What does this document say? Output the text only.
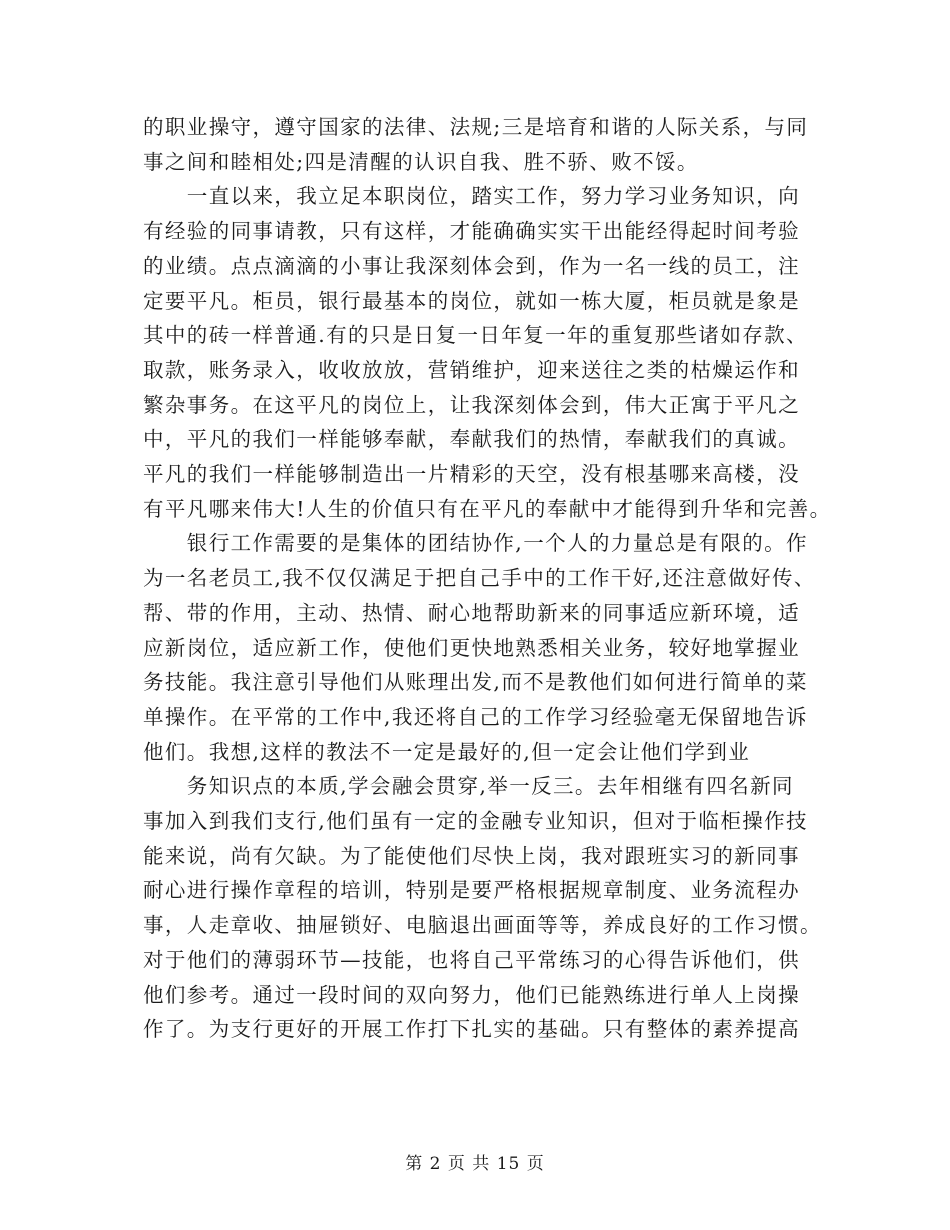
的职业操守，遵守国家的法律、法规;三是培育和谐的人际关系，与同
事之间和睦相处;四是清醒的认识自我、胜不骄、败不馁。
　　一直以来，我立足本职岗位，踏实工作，努力学习业务知识，向
有经验的同事请教，只有这样，才能确确实实干出能经得起时间考验
的业绩。点点滴滴的小事让我深刻体会到，作为一名一线的员工，注
定要平凡。柜员，银行最基本的岗位，就如一栋大厦，柜员就是象是
其中的砖一样普通.有的只是日复一日年复一年的重复那些诸如存款、
取款，账务录入，收收放放，营销维护，迎来送往之类的枯燥运作和
繁杂事务。在这平凡的岗位上，让我深刻体会到，伟大正寓于平凡之
中，平凡的我们一样能够奉献，奉献我们的热情，奉献我们的真诚。
平凡的我们一样能够制造出一片精彩的天空，没有根基哪来高楼，没
有平凡哪来伟大!人生的价值只有在平凡的奉献中才能得到升华和完善。
　　银行工作需要的是集体的团结协作,一个人的力量总是有限的。作
为一名老员工,我不仅仅满足于把自己手中的工作干好,还注意做好传、
帮、带的作用，主动、热情、耐心地帮助新来的同事适应新环境，适
应新岗位，适应新工作，使他们更快地熟悉相关业务，较好地掌握业
务技能。我注意引导他们从账理出发,而不是教他们如何进行简单的菜
单操作。在平常的工作中,我还将自己的工作学习经验毫无保留地告诉
他们。我想,这样的教法不一定是最好的,但一定会让他们学到业
　　务知识点的本质,学会融会贯穿,举一反三。去年相继有四名新同
事加入到我们支行,他们虽有一定的金融专业知识，但对于临柜操作技
能来说，尚有欠缺。为了能使他们尽快上岗，我对跟班实习的新同事
耐心进行操作章程的培训，特别是要严格根据规章制度、业务流程办
事，人走章收、抽屉锁好、电脑退出画面等等，养成良好的工作习惯。
对于他们的薄弱环节—技能，也将自己平常练习的心得告诉他们，供
他们参考。通过一段时间的双向努力，他们已能熟练进行单人上岗操
作了。为支行更好的开展工作打下扎实的基础。只有整体的素养提高
第 2 页 共 15 页
